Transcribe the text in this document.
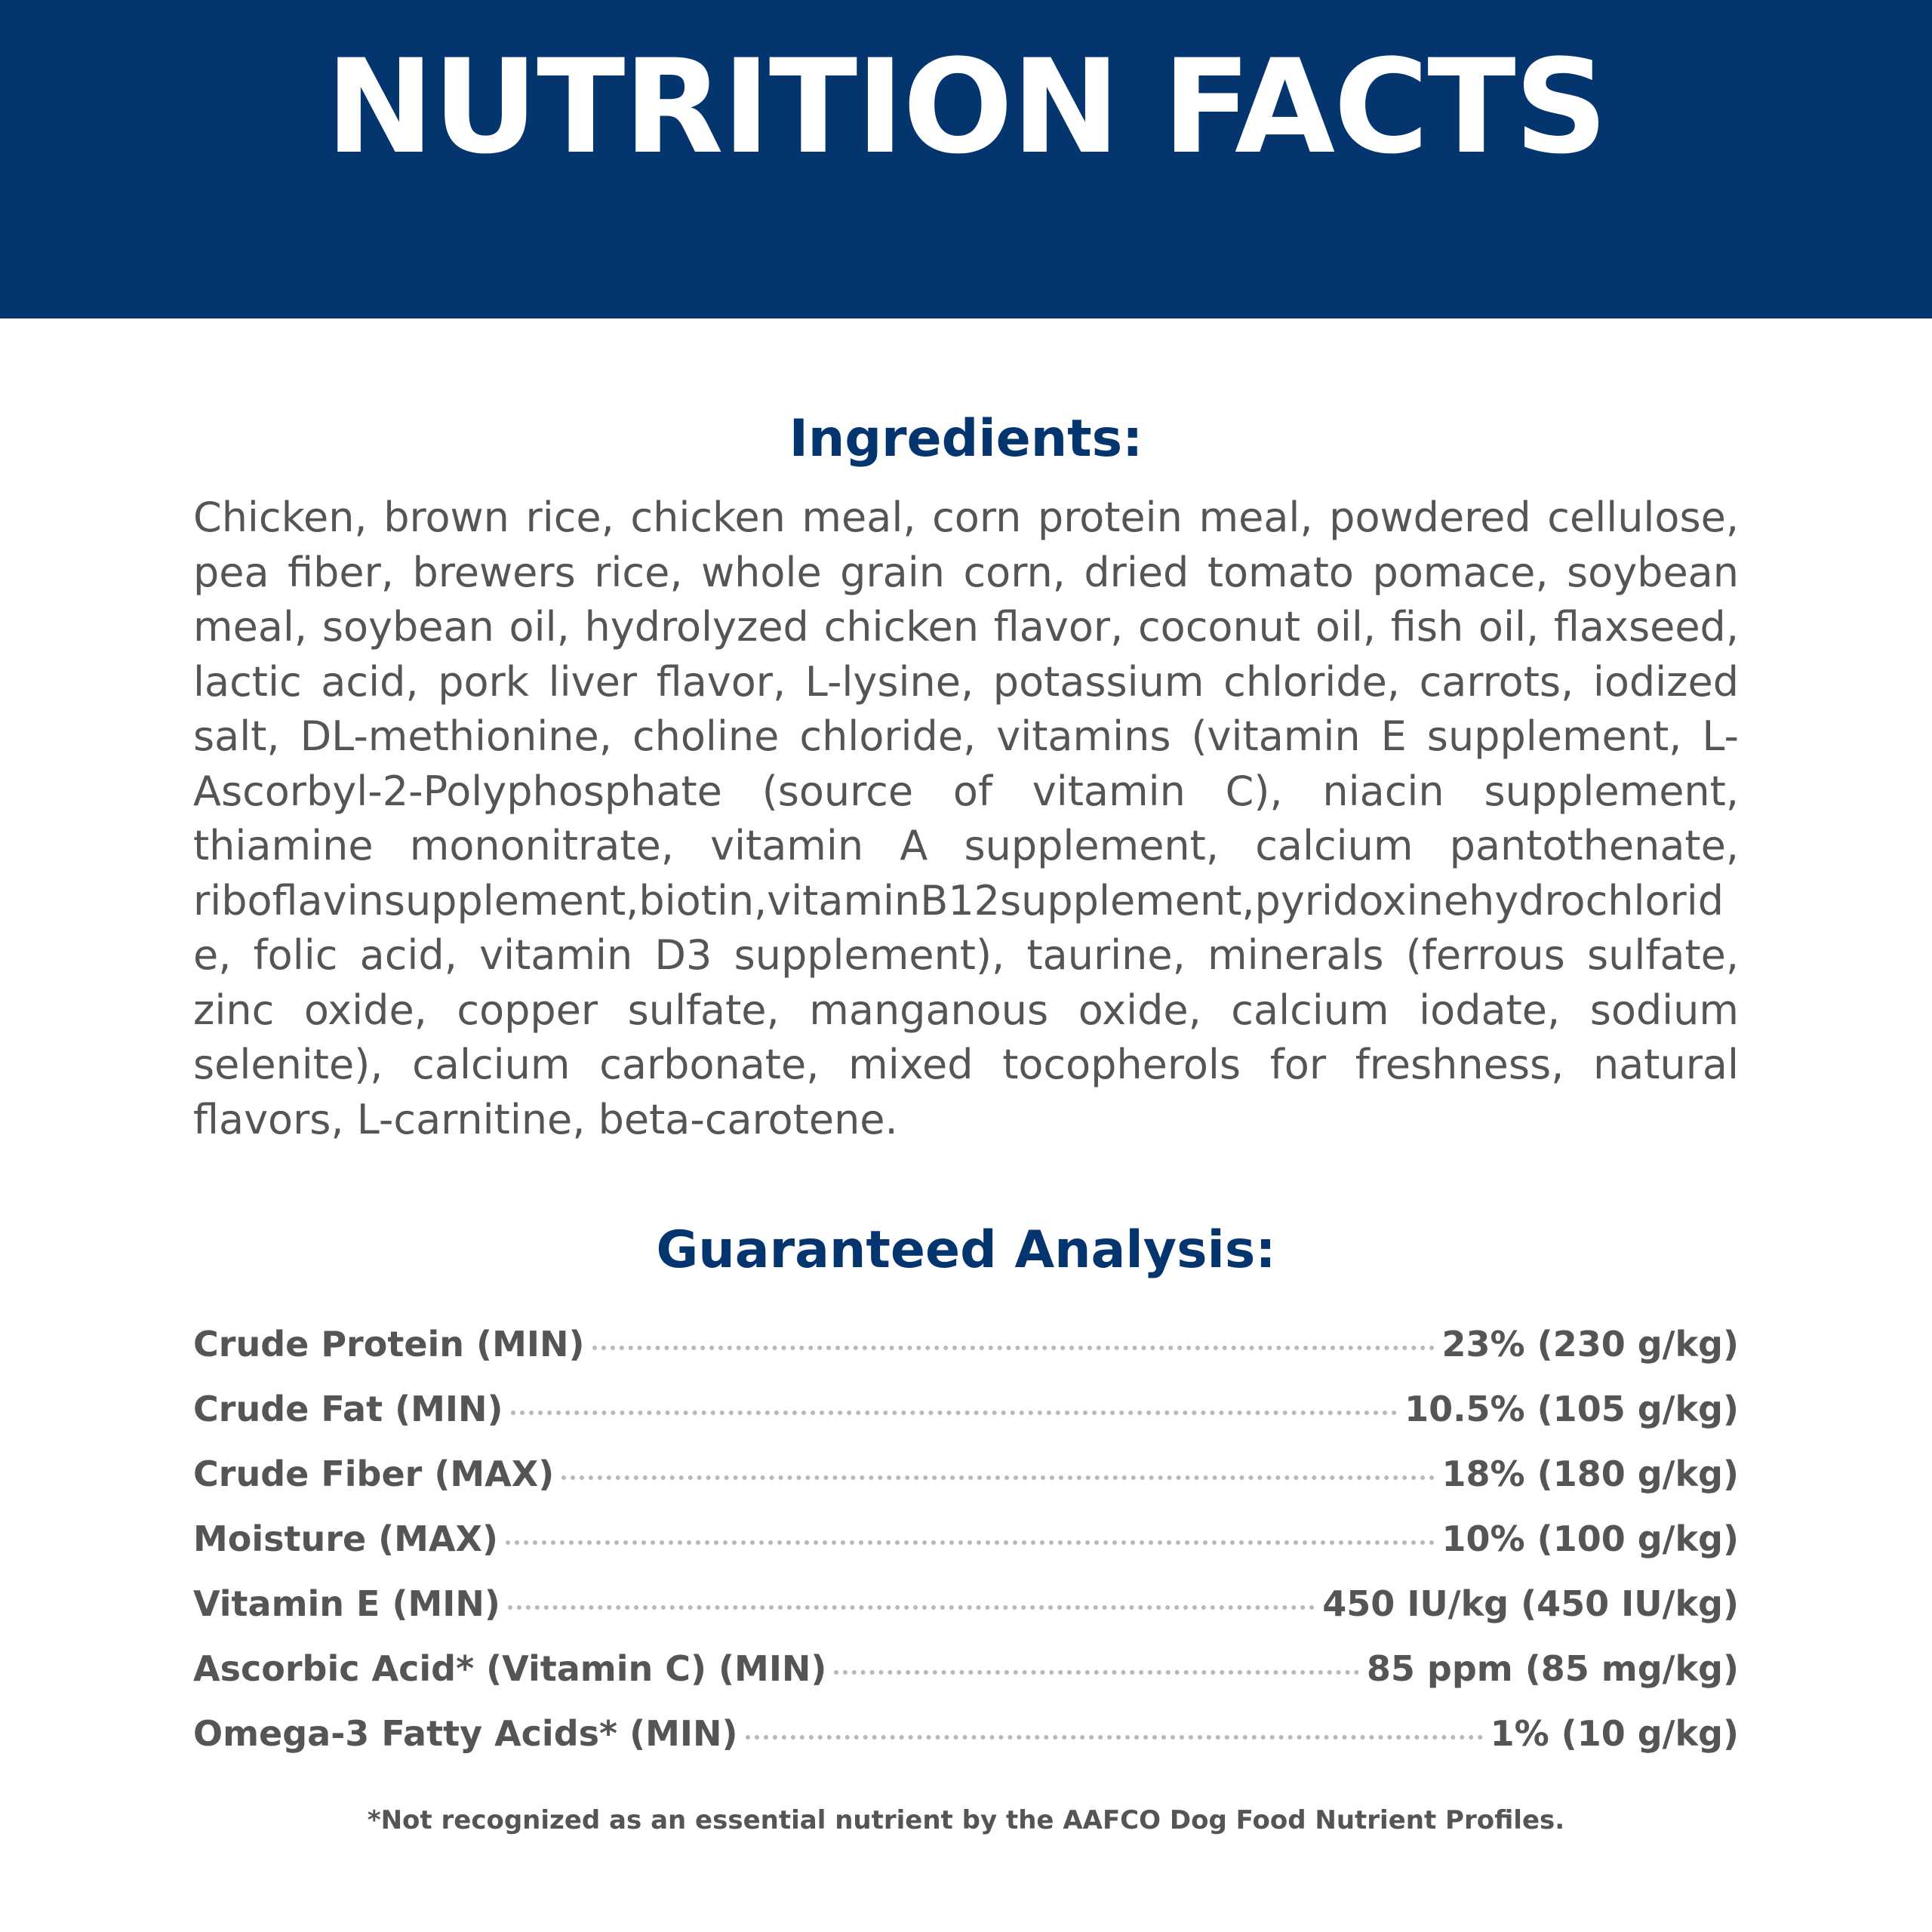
NUTRITION FACTS
Ingredients:

Chicken, brown rice, chicken meal, corn protein meal, powdered cellulose, pea fiber, brewers rice, whole grain corn, dried tomato pomace, soybean meal, soybean oil, hydrolyzed chicken flavor, coconut oil, fish oil, flaxseed, lactic acid, pork liver flavor, L-lysine, potassium chloride, carrots, iodized salt, DL-methionine, choline chloride, vitamins (vitamin E supplement, L-Ascorbyl-2-Polyphosphate (source of vitamin C), niacin supplement, thiamine mononitrate, vitamin A supplement, calcium pantothenate, riboflavinsupplement,biotin,vitaminB12supplement,pyridoxinehydrochloride, folic acid, vitamin D3 supplement), taurine, minerals (ferrous sulfate, zinc oxide, copper sulfate, manganous oxide, calcium iodate, sodium selenite), calcium carbonate, mixed tocopherols for freshness, natural flavors, L-carnitine, beta-carotene.

Guaranteed Analysis:
Crude Protein (MIN)	23% (230 g/kg)
Crude Fat (MIN)	10.5% (105 g/kg)
Crude Fiber (MAX)	18% (180 g/kg)
Moisture (MAX)	10% (100 g/kg)
Vitamin E (MIN)	450 IU/kg (450 IU/kg)
Ascorbic Acid* (Vitamin C) (MIN)	85 ppm (85 mg/kg)
Omega-3 Fatty Acids* (MIN)	1% (10 g/kg)

*Not recognized as an essential nutrient by the AAFCO Dog Food Nutrient Profiles.
